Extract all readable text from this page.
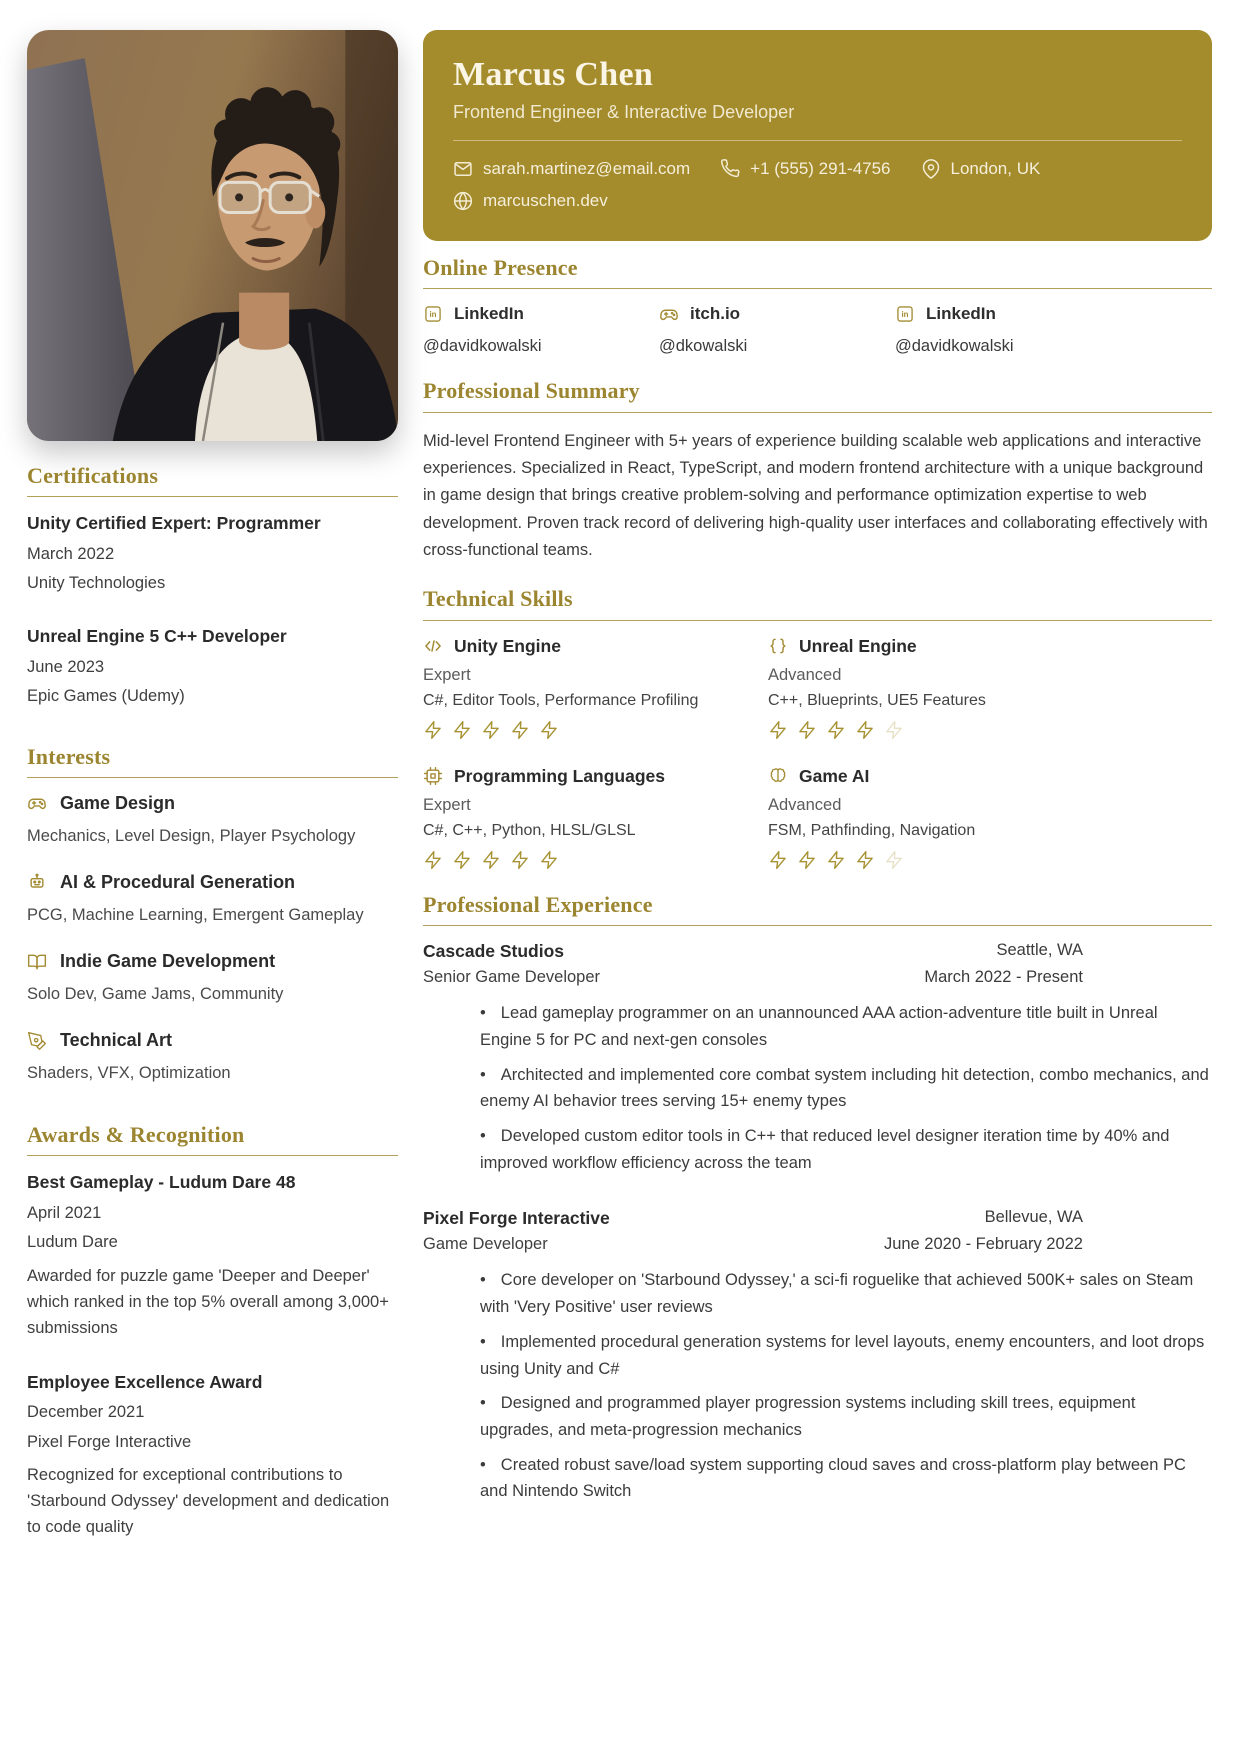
Certifications
Unity Certified Expert: Programmer
March 2022
Unity Technologies
Unreal Engine 5 C++ Developer
June 2023
Epic Games (Udemy)
Interests
Game Design
Mechanics, Level Design, Player Psychology
AI & Procedural Generation
PCG, Machine Learning, Emergent Gameplay
Indie Game Development
Solo Dev, Game Jams, Community
Technical Art
Shaders, VFX, Optimization
Awards & Recognition
Best Gameplay - Ludum Dare 48
April 2021
Ludum Dare
Awarded for puzzle game 'Deeper and Deeper' which ranked in the top 5% overall among 3,000+ submissions
Employee Excellence Award
December 2021
Pixel Forge Interactive
Recognized for exceptional contributions to 'Starbound Odyssey' development and dedication to code quality
Marcus Chen
Frontend Engineer & Interactive Developer
sarah.martinez@email.com	+1 (555) 291-4756	London, UK
marcuschen.dev
Online Presence
in LinkedIn
@davidkowalski
itch.io
@dkowalski
in LinkedIn
@davidkowalski
Professional Summary

Mid-level Frontend Engineer with 5+ years of experience building scalable web applications and interactive experiences. Specialized in React, TypeScript, and modern frontend architecture with a unique background in game design that brings creative problem-solving and performance optimization expertise to web development. Proven track record of delivering high-quality user interfaces and collaborating effectively with cross-functional teams.

Technical Skills
Unity Engine
Expert
C#, Editor Tools, Performance Profiling
Unreal Engine
Advanced
C++, Blueprints, UE5 Features
Programming Languages
Expert
C#, C++, Python, HLSL/GLSL
Game AI
Advanced
FSM, Pathfinding, Navigation
Professional Experience
Cascade Studios	Seattle, WA
Senior Game Developer	March 2022 - Present
• Lead gameplay programmer on an unannounced AAA action-adventure title built in Unreal Engine 5 for PC and next-gen consoles
• Architected and implemented core combat system including hit detection, combo mechanics, and enemy AI behavior trees serving 15+ enemy types
• Developed custom editor tools in C++ that reduced level designer iteration time by 40% and improved workflow efficiency across the team
Pixel Forge Interactive	Bellevue, WA
Game Developer	June 2020 - February 2022
• Core developer on 'Starbound Odyssey,' a sci-fi roguelike that achieved 500K+ sales on Steam with 'Very Positive' user reviews
• Implemented procedural generation systems for level layouts, enemy encounters, and loot drops using Unity and C#
• Designed and programmed player progression systems including skill trees, equipment upgrades, and meta-progression mechanics
• Created robust save/load system supporting cloud saves and cross-platform play between PC and Nintendo Switch
